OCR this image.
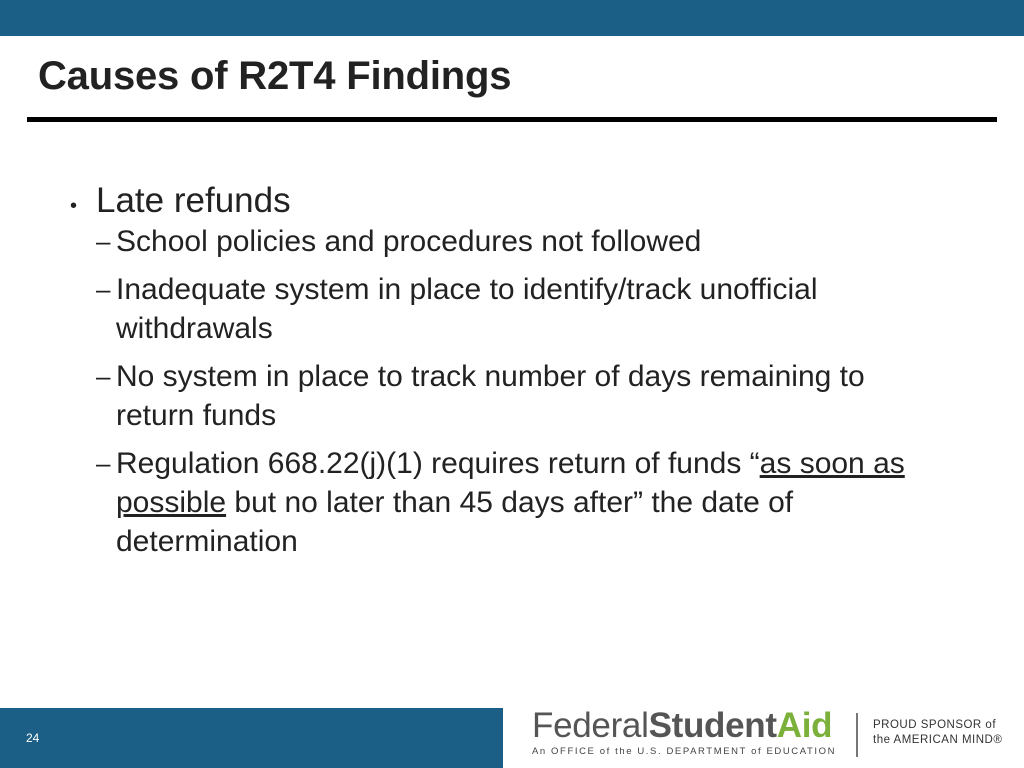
Causes of R2T4 Findings
• Late refunds
– School policies and procedures not followed
– Inadequate system in place to identify/track unofficial withdrawals
– No system in place to track number of days remaining to return funds
– Regulation 668.22(j)(1) requires return of funds “as soon as possible but no later than 45 days after” the date of determination
24	FederalStudentAid
An OFFICE of the U.S. DEPARTMENT of EDUCATION
PROUD SPONSOR of
the AMERICAN MIND®
